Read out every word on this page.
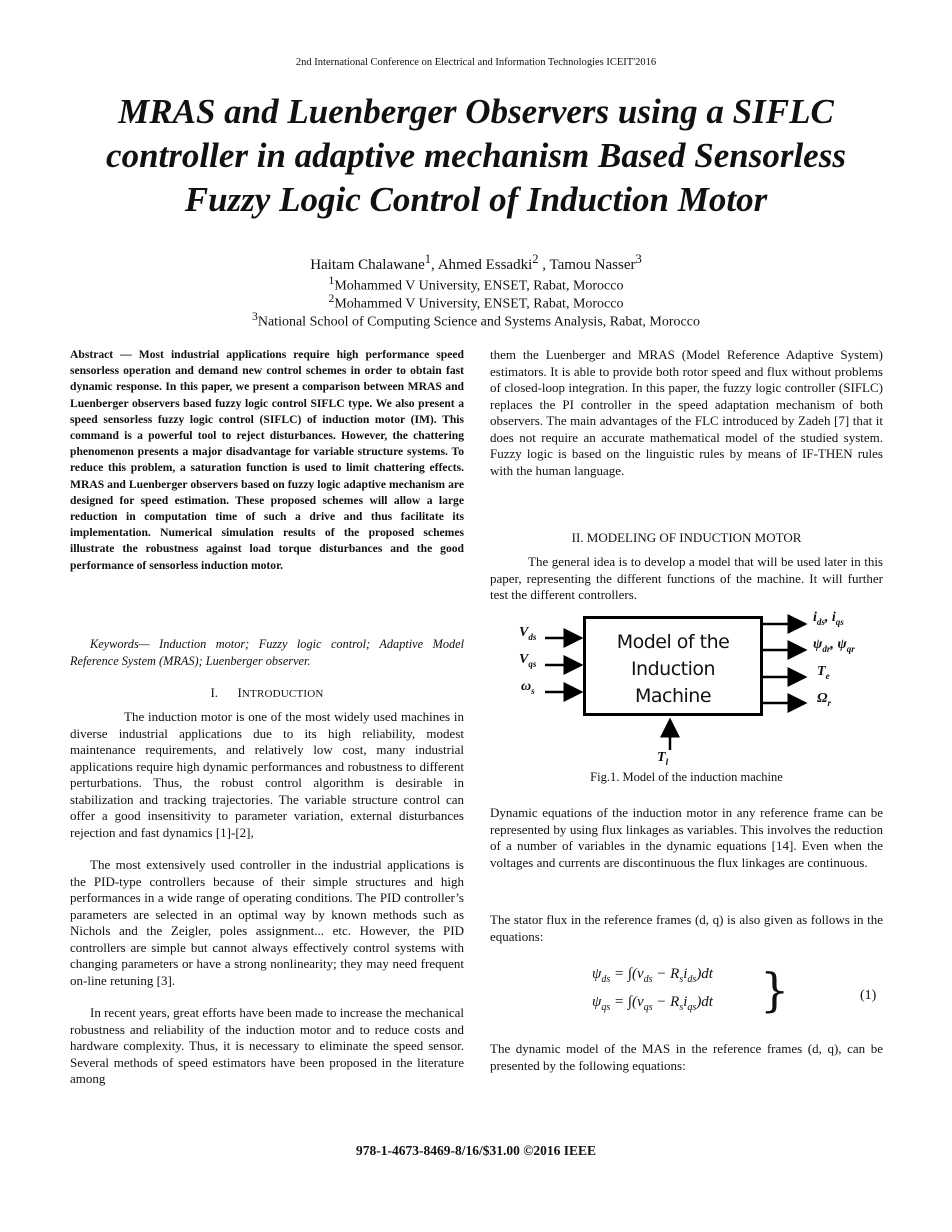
2nd International Conference on Electrical and Information Technologies ICEIT'2016
MRAS and Luenberger Observers using a SIFLC
controller in adaptive mechanism Based Sensorless
Fuzzy Logic Control of Induction Motor
Haitam Chalawane$^1$, Ahmed Essadki$^2$ , Tamou Nasser$^3$
$^1$Mohammed V University, ENSET, Rabat, Morocco
$^2$Mohammed V University, ENSET, Rabat, Morocco
$^3$National School of Computing Science and Systems Analysis, Rabat, Morocco
Abstract — Most industrial applications require high performance speed sensorless operation and demand new control schemes in order to obtain fast dynamic response. In this paper, we present a comparison between MRAS and Luenberger observers based fuzzy logic control SIFLC type. We also present a speed sensorless fuzzy logic control (SIFLC) of induction motor (IM). This command is a powerful tool to reject disturbances. However, the chattering phenomenon presents a major disadvantage for variable structure systems. To reduce this problem, a saturation function is used to limit chattering effects. MRAS and Luenberger observers based on fuzzy logic adaptive mechanism are designed for speed estimation. These proposed schemes will allow a large reduction in computation time of such a drive and thus facilitate its implementation. Numerical simulation results of the proposed schemes illustrate the robustness against load torque disturbances and the good performance of sensorless induction motor.
Keywords— Induction motor; Fuzzy logic control; Adaptive Model Reference System (MRAS); Luenberger observer.
I. INTRODUCTION

The induction motor is one of the most widely used machines in diverse industrial applications due to its high reliability, modest maintenance requirements, and relatively low cost, many industrial applications require high dynamic performances and robustness to different perturbations. Thus, the robust control algorithm is desirable in stabilization and tracking trajectories. The variable structure control can offer a good insensitivity to parameter variation, external disturbances rejection and fast dynamics [1]-[2],

The most extensively used controller in the industrial applications is the PID-type controllers because of their simple structures and high performances in a wide range of operating conditions. The PID controller’s parameters are selected in an optimal way by known methods such as Nichols and the Zeigler, poles assignment... etc. However, the PID controllers are simple but cannot always effectively control systems with changing parameters or have a strong nonlinearity; they may need frequent on-line retuning [3].

In recent years, great efforts have been made to increase the mechanical robustness and reliability of the induction motor and to reduce costs and hardware complexity. Thus, it is necessary to eliminate the speed sensor. Several methods of speed estimators have been proposed in the literature among

them the Luenberger and MRAS (Model Reference Adaptive System) estimators. It is able to provide both rotor speed and flux without problems of closed-loop integration. In this paper, the fuzzy logic controller (SIFLC) replaces the PI controller in the speed adaptation mechanism of both observers. The main advantages of the FLC introduced by Zadeh [7] that it does not require an accurate mathematical model of the studied system. Fuzzy logic is based on the linguistic rules by means of IF-THEN rules with the human language.
II. MODELING OF INDUCTION MOTOR
The general idea is to develop a model that will be used later in this paper, representing the different functions of the machine. It will further test the different controllers.
Model of the
Induction
Machine
$V_{ds}$
$V_{qs}$
$\omega_s$
$i_{ds}$, $i_{qs}$
$\psi_{dr}$, $\psi_{qr}$
$T_e$
$\Omega_r$
$T_l$
Fig.1. Model of the induction machine
Dynamic equations of the induction motor in any reference frame can be represented by using flux linkages as variables. This involves the reduction of a number of variables in the dynamic equations [14]. Even when the voltages and currents are discontinuous the flux linkages are continuous.
The stator flux in the reference frames (d, q) is also given as follows in the equations:
$\psi_{ds} = \int(v_{ds} - R_si_{ds})dt$
$\psi_{qs} = \int(v_{qs} - R_si_{qs})dt$ }	(1)
The dynamic model of the MAS in the reference frames (d, q), can be presented by the following equations:
978-1-4673-8469-8/16/$31.00 ©2016 IEEE
